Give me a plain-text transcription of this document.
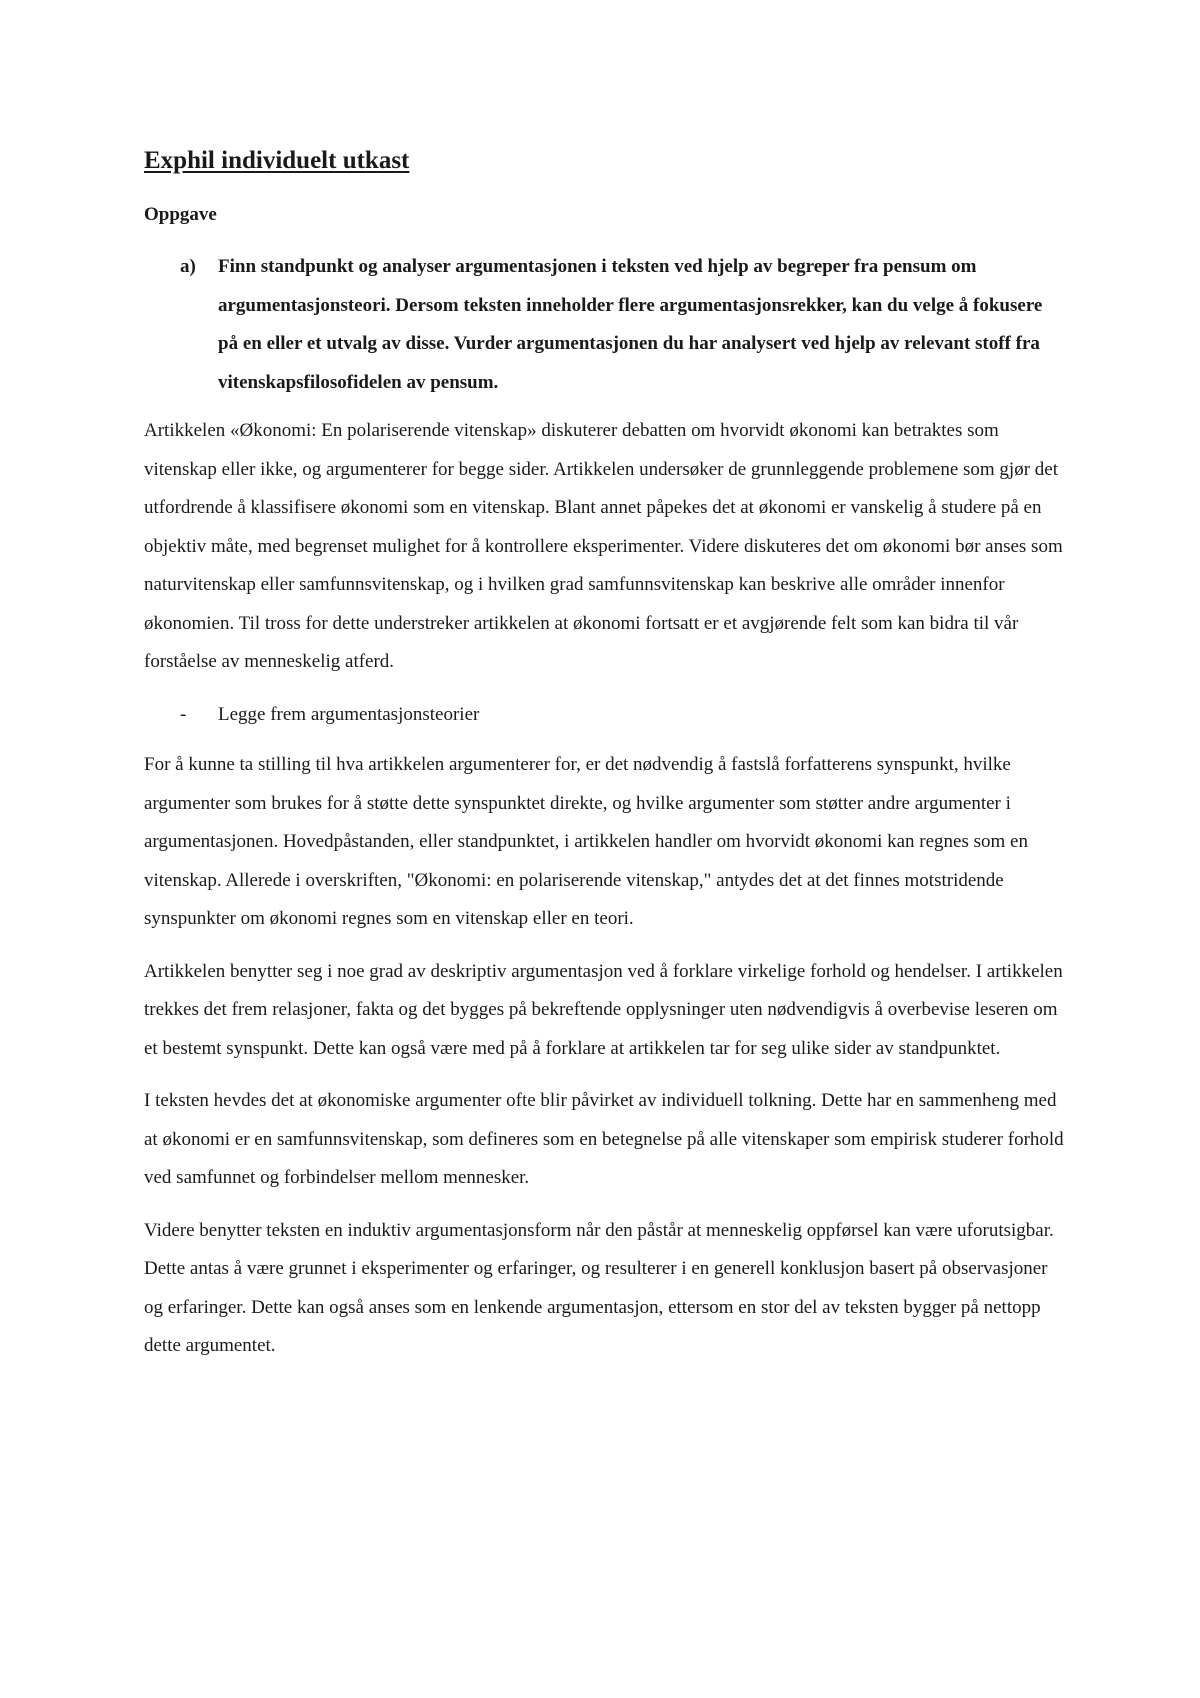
Exphil individuelt utkast
Oppgave
a)	Finn standpunkt og analyser argumentasjonen i teksten ved hjelp av begreper fra pensum om argumentasjonsteori. Dersom teksten inneholder flere argumentasjonsrekker, kan du velge å fokusere på en eller et utvalg av disse. Vurder argumentasjonen du har analysert ved hjelp av relevant stoff fra vitenskapsfilosofidelen av pensum.

Artikkelen «Økonomi: En polariserende vitenskap» diskuterer debatten om hvorvidt økonomi kan betraktes som vitenskap eller ikke, og argumenterer for begge sider. Artikkelen undersøker de grunnleggende problemene som gjør det utfordrende å klassifisere økonomi som en vitenskap. Blant annet påpekes det at økonomi er vanskelig å studere på en objektiv måte, med begrenset mulighet for å kontrollere eksperimenter. Videre diskuteres det om økonomi bør anses som naturvitenskap eller samfunnsvitenskap, og i hvilken grad samfunnsvitenskap kan beskrive alle områder innenfor økonomien. Til tross for dette understreker artikkelen at økonomi fortsatt er et avgjørende felt som kan bidra til vår forståelse av menneskelig atferd.

-	Legge frem argumentasjonsteorier

For å kunne ta stilling til hva artikkelen argumenterer for, er det nødvendig å fastslå forfatterens synspunkt, hvilke argumenter som brukes for å støtte dette synspunktet direkte, og hvilke argumenter som støtter andre argumenter i argumentasjonen. Hovedpåstanden, eller standpunktet, i artikkelen handler om hvorvidt økonomi kan regnes som en vitenskap. Allerede i overskriften, "Økonomi: en polariserende vitenskap," antydes det at det finnes motstridende synspunkter om økonomi regnes som en vitenskap eller en teori.

Artikkelen benytter seg i noe grad av deskriptiv argumentasjon ved å forklare virkelige forhold og hendelser. I artikkelen trekkes det frem relasjoner, fakta og det bygges på bekreftende opplysninger uten nødvendigvis å overbevise leseren om et bestemt synspunkt. Dette kan også være med på å forklare at artikkelen tar for seg ulike sider av standpunktet.

I teksten hevdes det at økonomiske argumenter ofte blir påvirket av individuell tolkning. Dette har en sammenheng med at økonomi er en samfunnsvitenskap, som defineres som en betegnelse på alle vitenskaper som empirisk studerer forhold ved samfunnet og forbindelser mellom mennesker.

Videre benytter teksten en induktiv argumentasjonsform når den påstår at menneskelig oppførsel kan være uforutsigbar. Dette antas å være grunnet i eksperimenter og erfaringer, og resulterer i en generell konklusjon basert på observasjoner og erfaringer. Dette kan også anses som en lenkende argumentasjon, ettersom en stor del av teksten bygger på nettopp dette argumentet.
